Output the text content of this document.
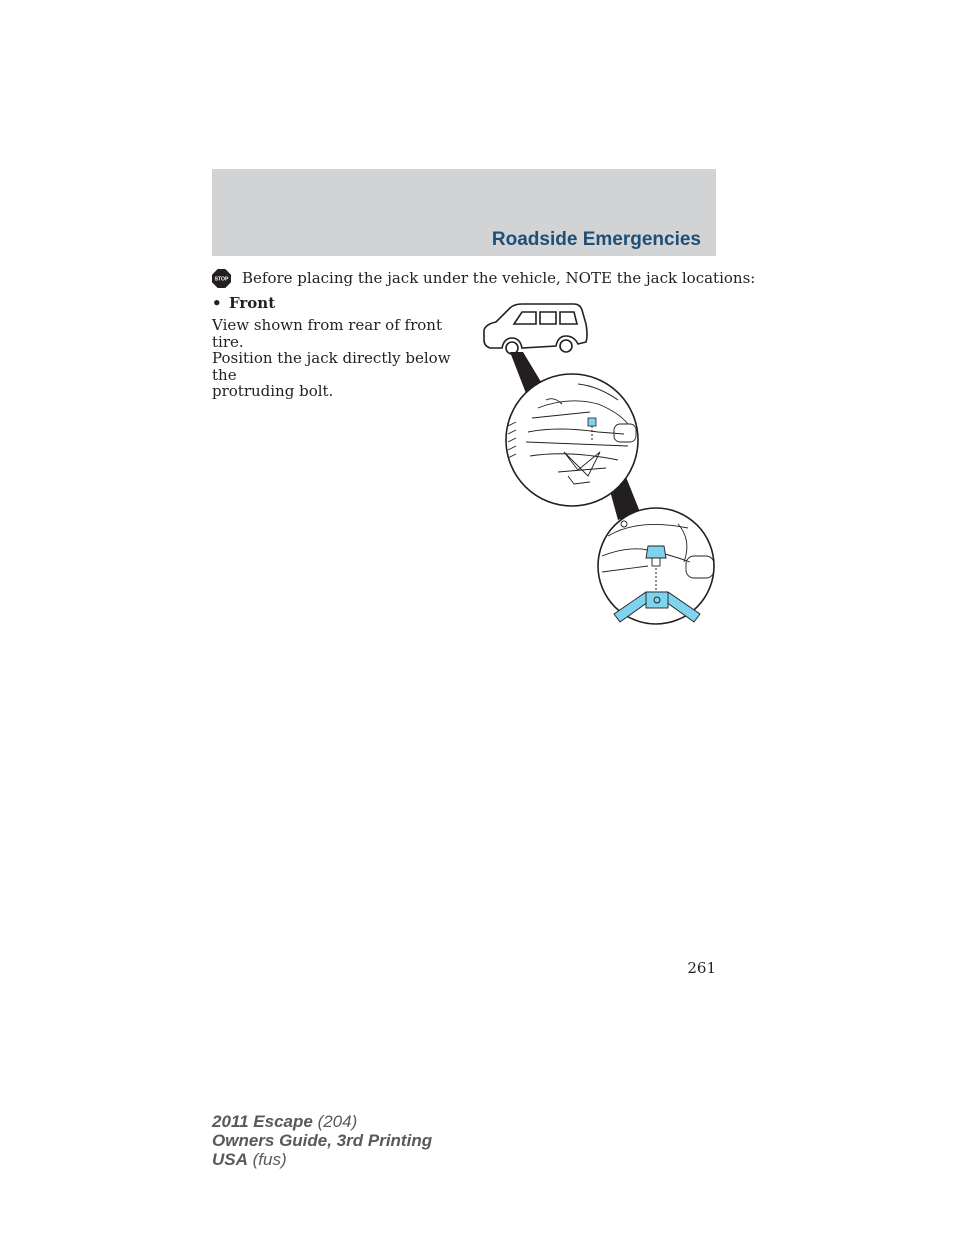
Roadside Emergencies
STOP Before placing the jack under the vehicle, NOTE the jack locations:
• Front
View shown from rear of front tire.
Position the jack directly below the
protruding bolt.
261
2011 Escape (204)
Owners Guide, 3rd Printing
USA (fus)
